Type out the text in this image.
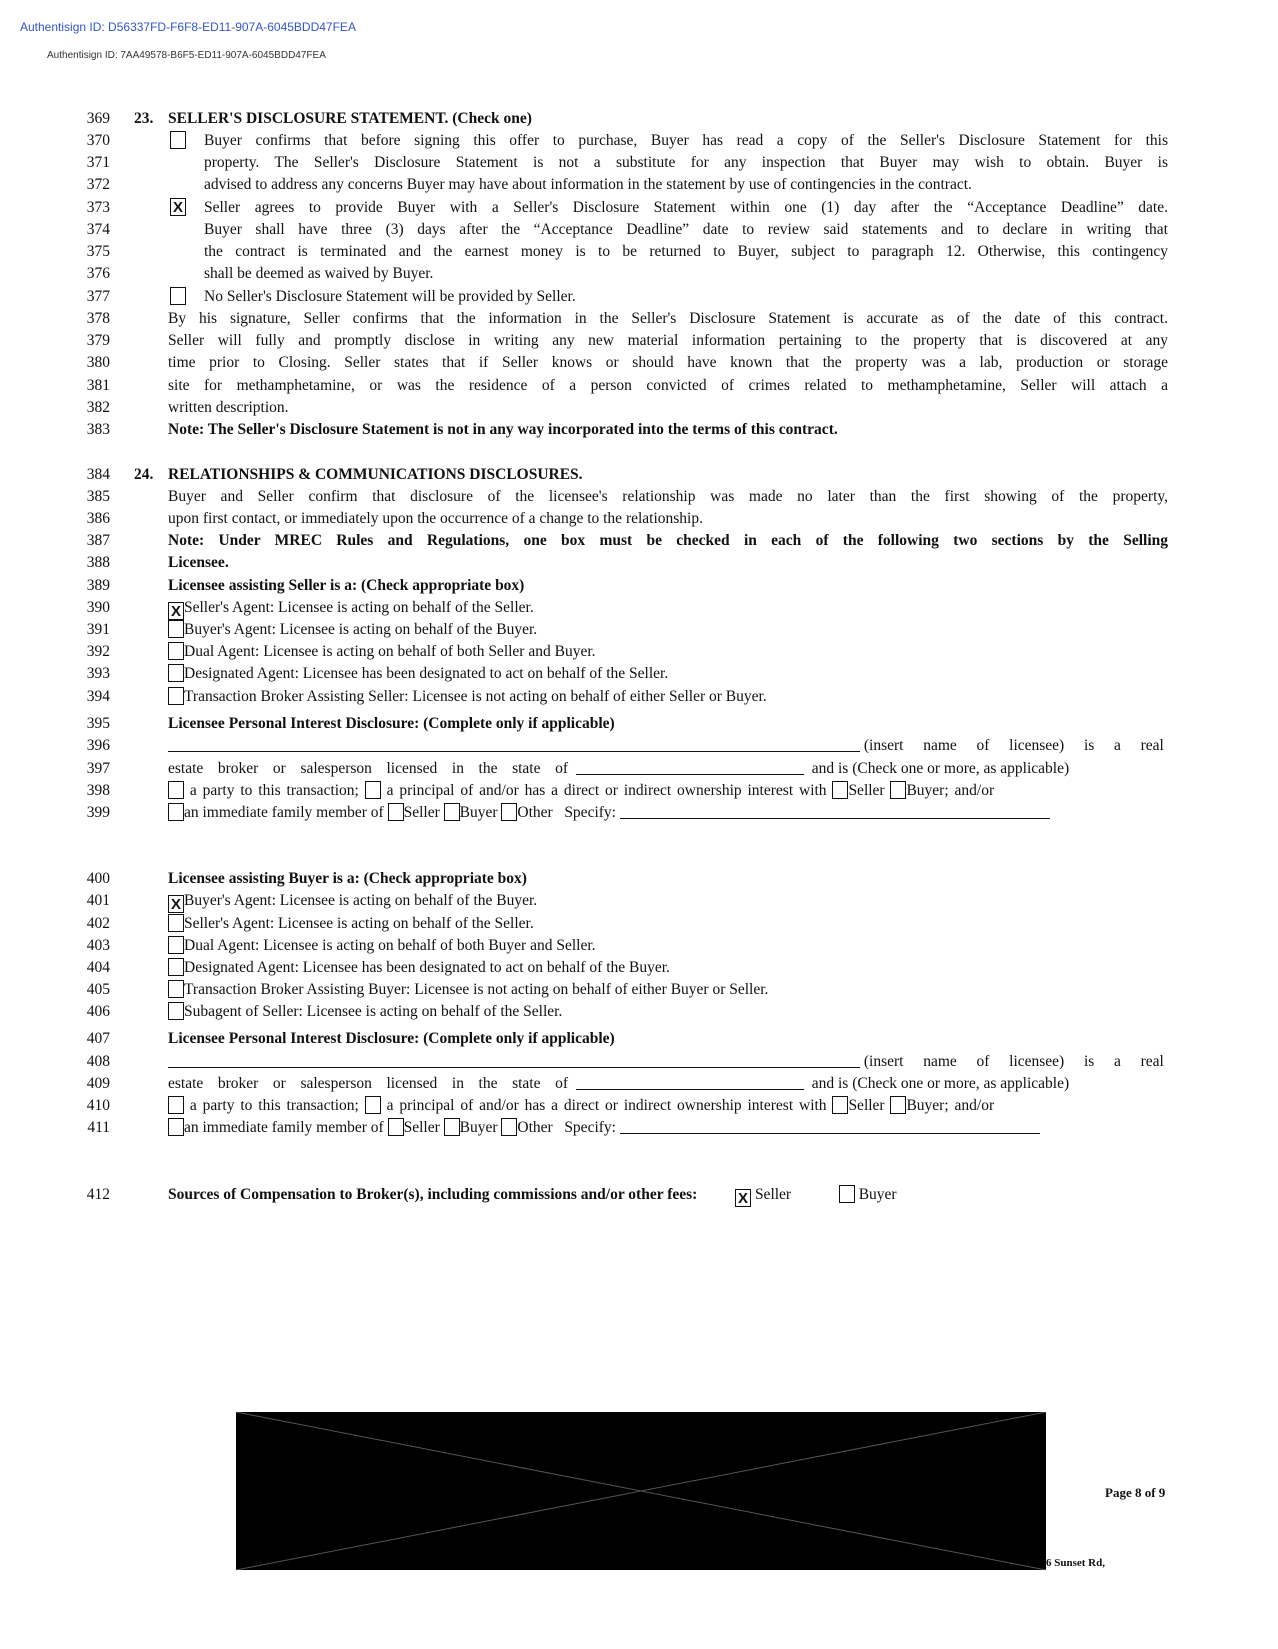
Authentisign ID: D56337FD-F6F8-ED11-907A-6045BDD47FEA
Authentisign ID: 7AA49578-B6F5-ED11-907A-6045BDD47FEA
369
370
371
372
373
374
375
376
377
378
379
380
381
382
383
384
385
386
387
388
389
390
391
392
393
394
395
396
397
398
399
400
401
402
403
404
405
406
407
408
409
410
411
412
23. SELLER'S DISCLOSURE STATEMENT. (Check one)
Buyer confirms that before signing this offer to purchase, Buyer has read a copy of the Seller's Disclosure Statement for this
property. The Seller's Disclosure Statement is not a substitute for any inspection that Buyer may wish to obtain. Buyer is
advised to address any concerns Buyer may have about information in the statement by use of contingencies in the contract.
X Seller agrees to provide Buyer with a Seller's Disclosure Statement within one (1) day after the “Acceptance Deadline” date.
Buyer shall have three (3) days after the “Acceptance Deadline” date to review said statements and to declare in writing that
the contract is terminated and the earnest money is to be returned to Buyer, subject to paragraph 12. Otherwise, this contingency
shall be deemed as waived by Buyer.
No Seller's Disclosure Statement will be provided by Seller.
By his signature, Seller confirms that the information in the Seller's Disclosure Statement is accurate as of the date of this contract.
Seller will fully and promptly disclose in writing any new material information pertaining to the property that is discovered at any
time prior to Closing. Seller states that if Seller knows or should have known that the property was a lab, production or storage
site for methamphetamine, or was the residence of a person convicted of crimes related to methamphetamine, Seller will attach a
written description.
Note: The Seller's Disclosure Statement is not in any way incorporated into the terms of this contract.
24. RELATIONSHIPS & COMMUNICATIONS DISCLOSURES.
Buyer and Seller confirm that disclosure of the licensee's relationship was made no later than the first showing of the property,
upon first contact, or immediately upon the occurrence of a change to the relationship.
Note: Under MREC Rules and Regulations, one box must be checked in each of the following two sections by the Selling
Licensee.
Licensee assisting Seller is a: (Check appropriate box)
X Seller's Agent: Licensee is acting on behalf of the Seller.
Buyer's Agent: Licensee is acting on behalf of the Buyer.
Dual Agent: Licensee is acting on behalf of both Seller and Buyer.
Designated Agent: Licensee has been designated to act on behalf of the Seller.
Transaction Broker Assisting Seller: Licensee is not acting on behalf of either Seller or Buyer.
Licensee Personal Interest Disclosure: (Complete only if applicable)
(insert name of licensee) is a real
estate broker or salesperson licensed in the state of	and is (Check one or more, as applicable)
a party to this transaction; a principal of and/or has a direct or indirect ownership interest with Seller Buyer; and/or
an immediate family member of Seller Buyer Other Specify:
Licensee assisting Buyer is a: (Check appropriate box)
X Buyer's Agent: Licensee is acting on behalf of the Buyer.
Seller's Agent: Licensee is acting on behalf of the Seller.
Dual Agent: Licensee is acting on behalf of both Buyer and Seller.
Designated Agent: Licensee has been designated to act on behalf of the Buyer.
Transaction Broker Assisting Buyer: Licensee is not acting on behalf of either Buyer or Seller.
Subagent of Seller: Licensee is acting on behalf of the Seller.
Licensee Personal Interest Disclosure: (Complete only if applicable)
(insert name of licensee) is a real
estate broker or salesperson licensed in the state of	and is (Check one or more, as applicable)
a party to this transaction; a principal of and/or has a direct or indirect ownership interest with Seller Buyer; and/or
an immediate family member of Seller Buyer Other Specify:
Sources of Compensation to Broker(s), including commissions and/or other fees:	X Seller	Buyer
Page 8 of 9
6 Sunset Rd,
